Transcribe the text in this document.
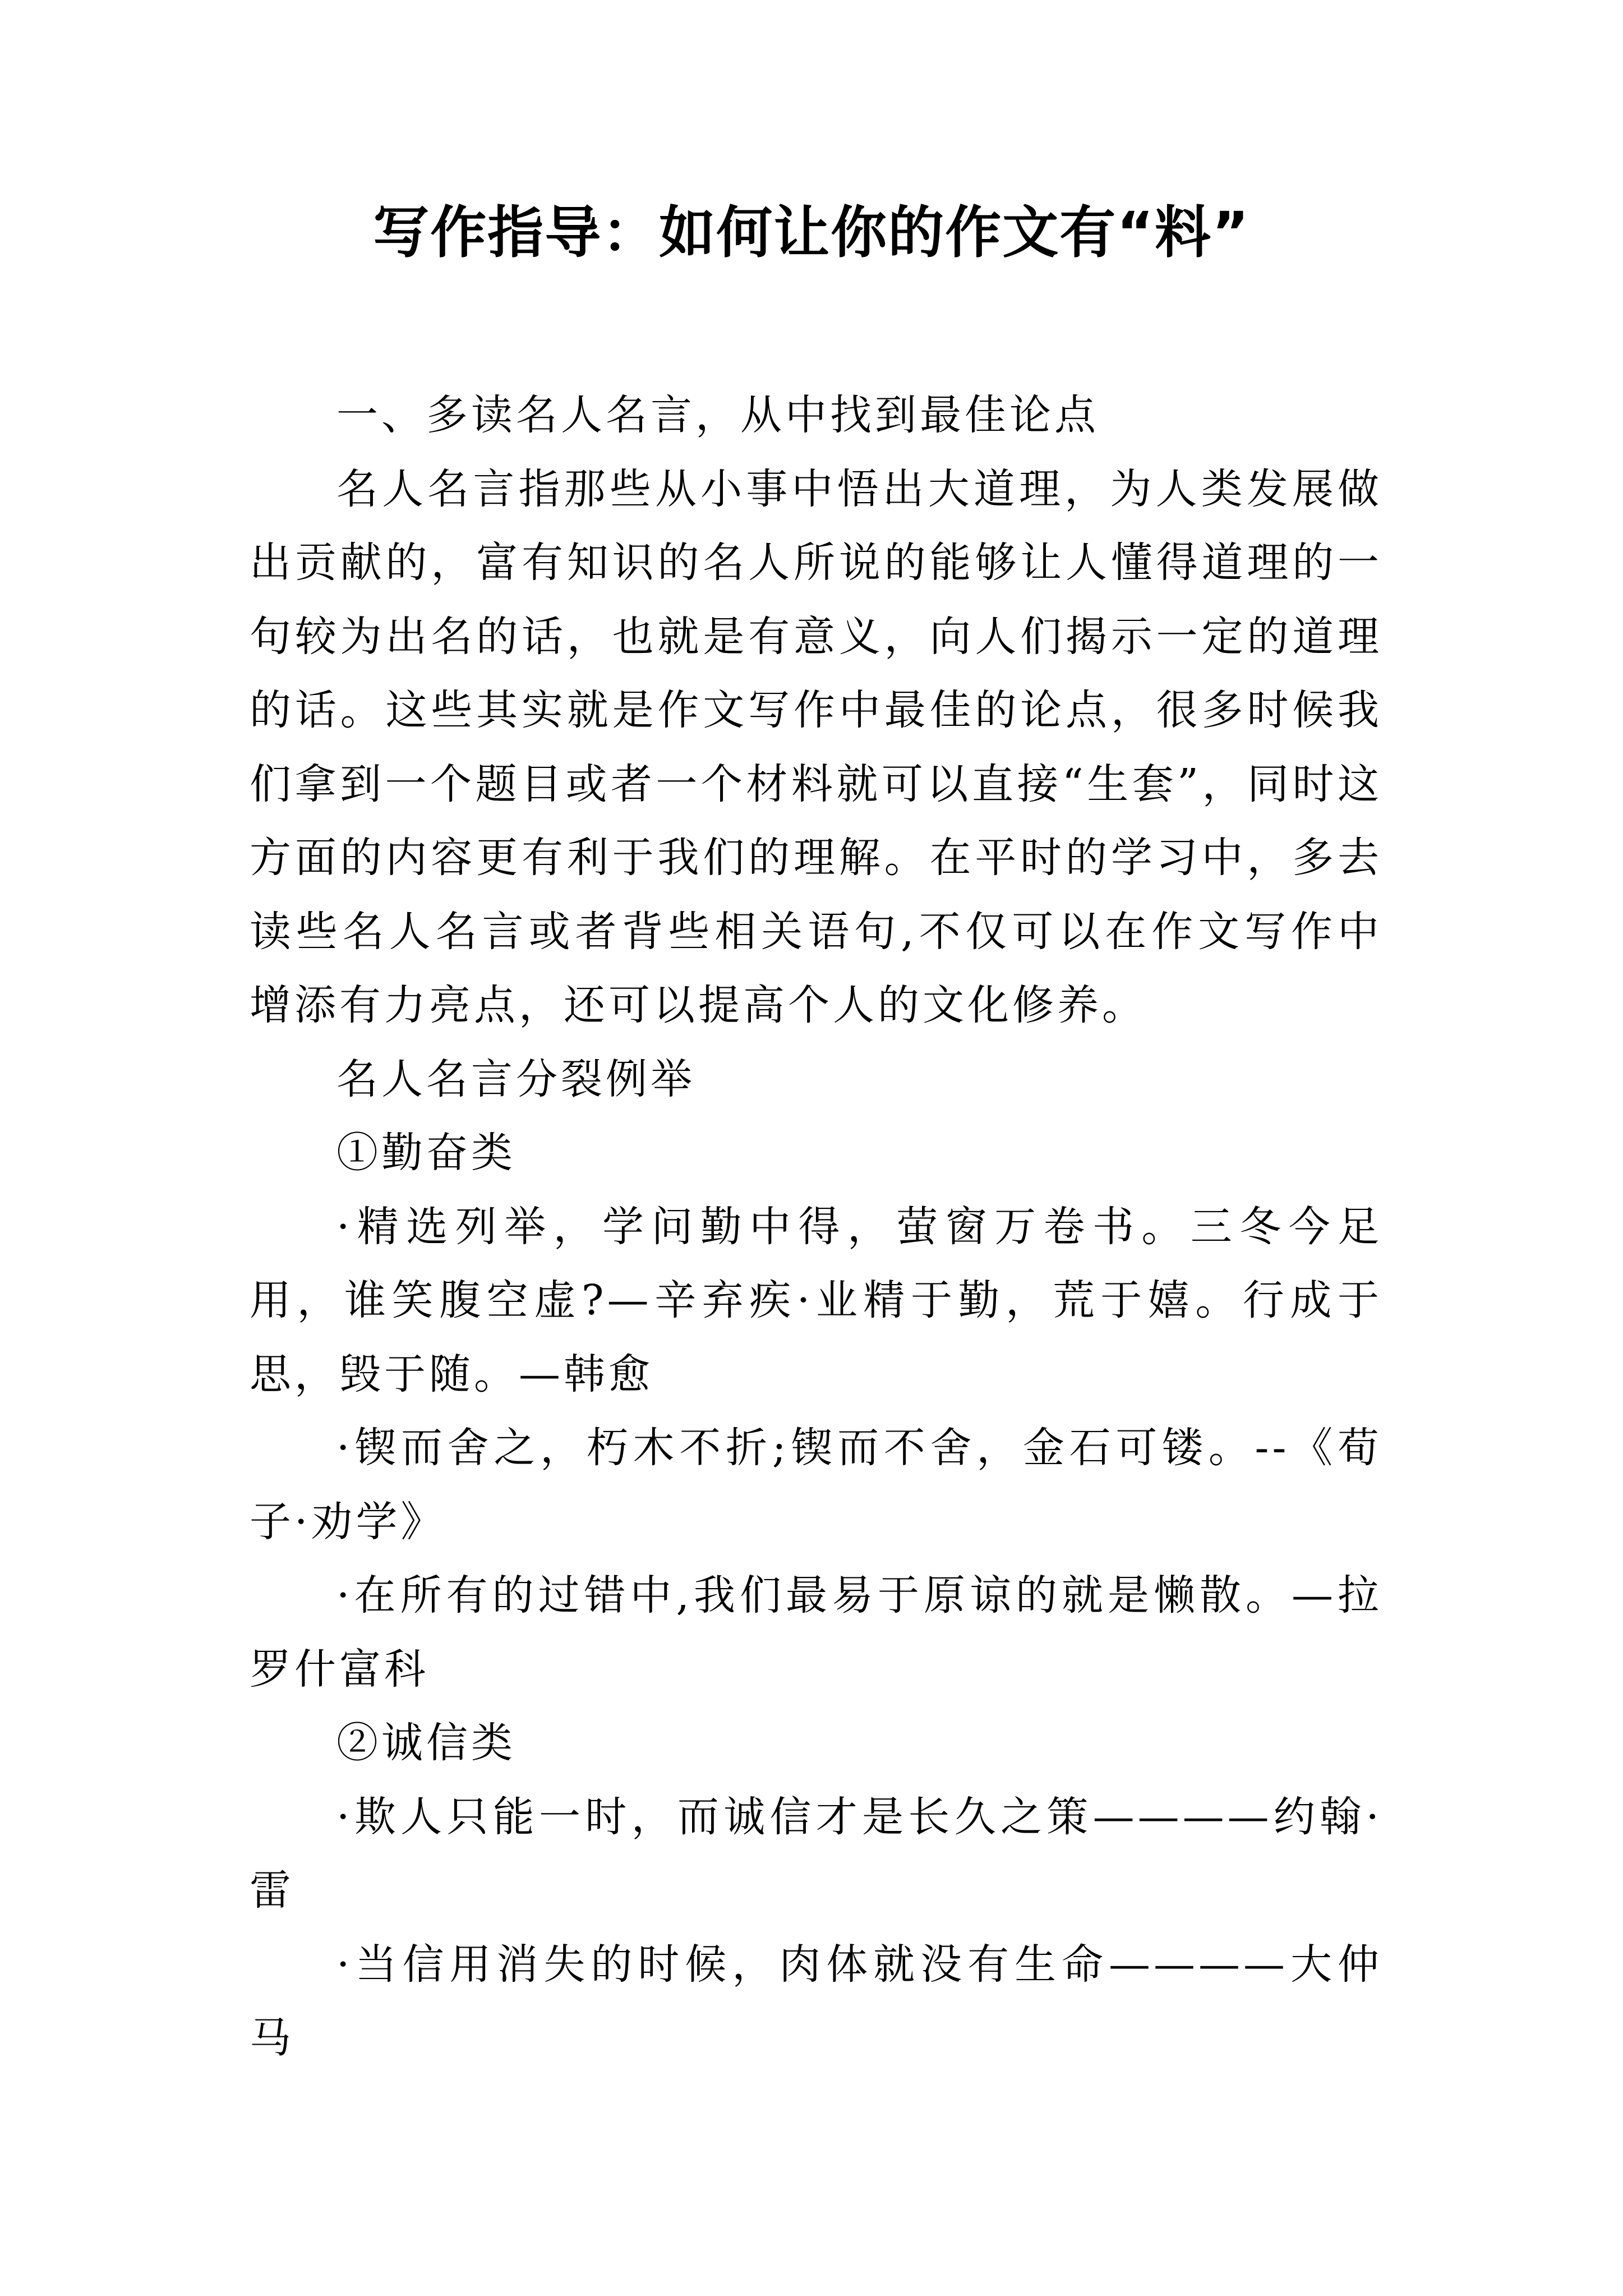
写作指导：如何让你的作文有“料”

一、多读名人名言，从中找到最佳论点

名人名言指那些从小事中悟出大道理，为人类发展做出贡献的，富有知识的名人所说的能够让人懂得道理的一句较为出名的话，也就是有意义，向人们揭示一定的道理的话。这些其实就是作文写作中最佳的论点，很多时候我们拿到一个题目或者一个材料就可以直接“生套”，同时这方面的内容更有利于我们的理解。在平时的学习中，多去读些名人名言或者背些相关语句,不仅可以在作文写作中增添有力亮点，还可以提高个人的文化修养。

名人名言分裂例举

①勤奋类

·精选列举，学问勤中得，萤窗万卷书。三冬今足用，谁笑腹空虚?—辛弃疾·业精于勤，荒于嬉。行成于思，毁于随。—韩愈

·锲而舍之，朽木不折;锲而不舍，金石可镂。--《荀子·劝学》

·在所有的过错中,我们最易于原谅的就是懒散。—拉罗什富科

②诚信类

·欺人只能一时，而诚信才是长久之策————约翰·雷

·当信用消失的时候，肉体就没有生命————大仲马
